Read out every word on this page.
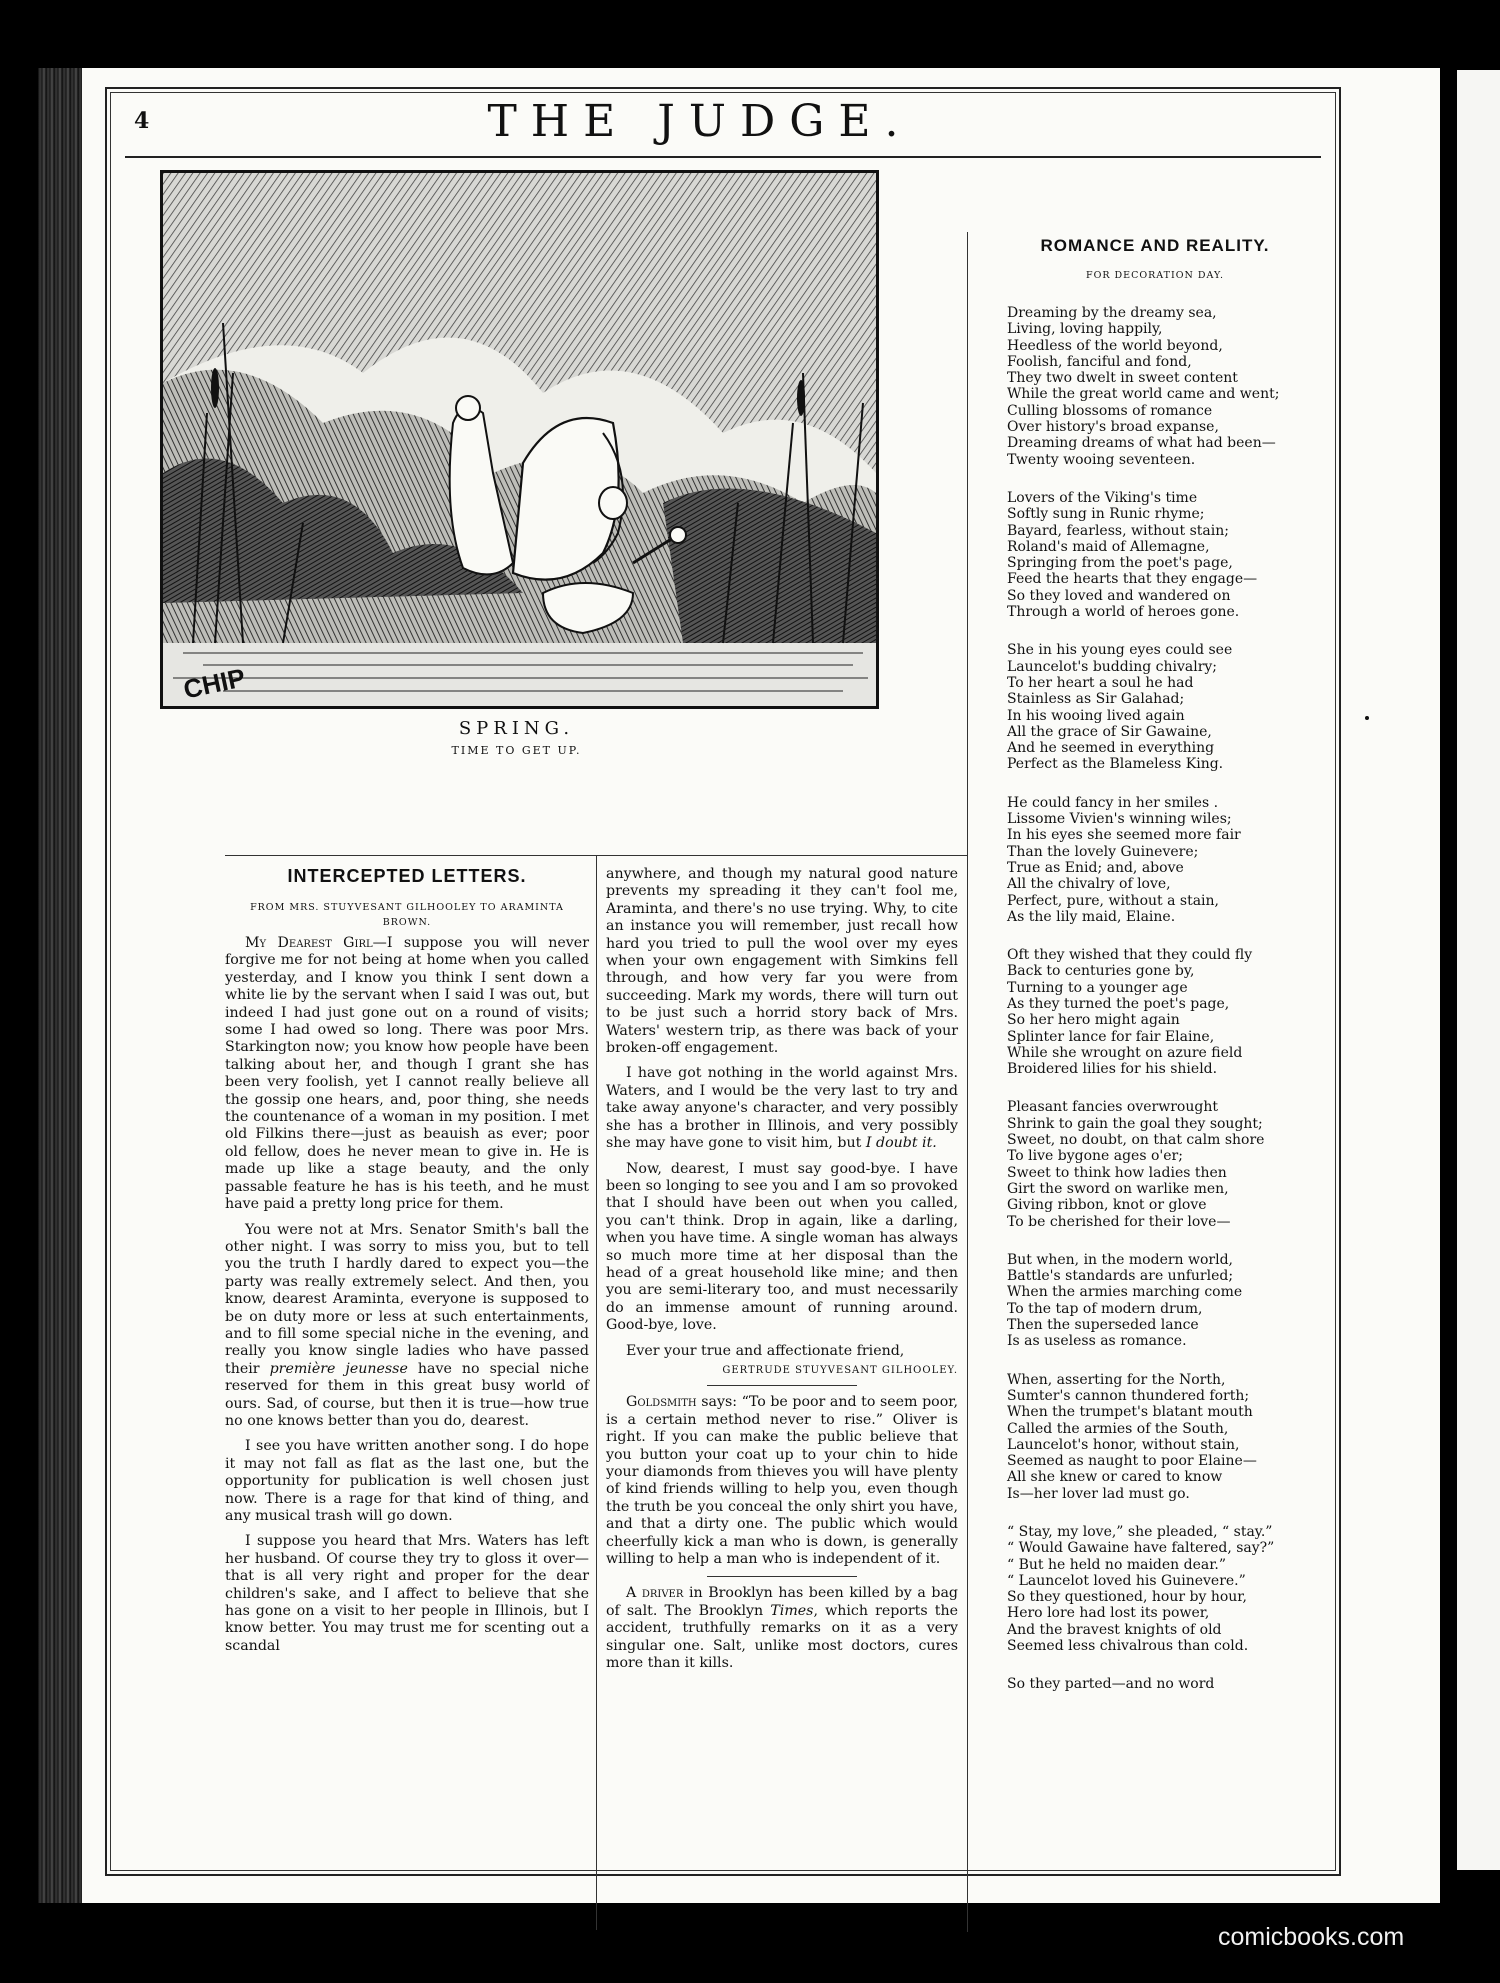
4	THE JUDGE.
CHIP
SPRING.
TIME TO GET UP.
INTERCEPTED LETTERS.
FROM MRS. STUYVESANT GILHOOLEY TO ARAMINTA BROWN.

My Dearest Girl—I suppose you will never forgive me for not being at home when you called yesterday, and I know you think I sent down a white lie by the servant when I said I was out, but indeed I had just gone out on a round of visits; some I had owed so long. There was poor Mrs. Starkington now; you know how people have been talking about her, and though I grant she has been very foolish, yet I cannot really believe all the gossip one hears, and, poor thing, she needs the countenance of a woman in my position. I met old Filkins there—just as beauish as ever; poor old fellow, does he never mean to give in. He is made up like a stage beauty, and the only passable feature he has is his teeth, and he must have paid a pretty long price for them.

You were not at Mrs. Senator Smith's ball the other night. I was sorry to miss you, but to tell you the truth I hardly dared to expect you—the party was really extremely select. And then, you know, dearest Araminta, everyone is supposed to be on duty more or less at such entertainments, and to fill some special niche in the evening, and really you know single ladies who have passed their première jeunesse have no special niche reserved for them in this great busy world of ours. Sad, of course, but then it is true—how true no one knows better than you do, dearest.

I see you have written another song. I do hope it may not fall as flat as the last one, but the opportunity for publication is well chosen just now. There is a rage for that kind of thing, and any musical trash will go down.

I suppose you heard that Mrs. Waters has left her husband. Of course they try to gloss it over—that is all very right and proper for the dear children's sake, and I affect to believe that she has gone on a visit to her people in Illinois, but I know better. You may trust me for scenting out a scandal

anywhere, and though my natural good nature prevents my spreading it they can't fool me, Araminta, and there's no use trying. Why, to cite an instance you will remember, just recall how hard you tried to pull the wool over my eyes when your own engagement with Simkins fell through, and how very far you were from succeeding. Mark my words, there will turn out to be just such a horrid story back of Mrs. Waters' western trip, as there was back of your broken-off engagement.

I have got nothing in the world against Mrs. Waters, and I would be the very last to try and take away anyone's character, and very possibly she has a brother in Illinois, and very possibly she may have gone to visit him, but I doubt it.

Now, dearest, I must say good-bye. I have been so longing to see you and I am so provoked that I should have been out when you called, you can't think. Drop in again, like a darling, when you have time. A single woman has always so much more time at her disposal than the head of a great household like mine; and then you are semi-literary too, and must necessarily do an immense amount of running around. Good-bye, love.

Ever your true and affectionate friend,

GERTRUDE STUYVESANT GILHOOLEY.

Goldsmith says: “To be poor and to seem poor, is a certain method never to rise.” Oliver is right. If you can make the public believe that you button your coat up to your chin to hide your diamonds from thieves you will have plenty of kind friends willing to help you, even though the truth be you conceal the only shirt you have, and that a dirty one. The public which would cheerfully kick a man who is down, is generally willing to help a man who is independent of it.

A driver in Brooklyn has been killed by a bag of salt. The Brooklyn Times, which reports the accident, truthfully remarks on it as a very singular one. Salt, unlike most doctors, cures more than it kills.

ROMANCE AND REALITY.
FOR DECORATION DAY.
Dreaming by the dreamy sea,
Living, loving happily,
Heedless of the world beyond,
Foolish, fanciful and fond,
They two dwelt in sweet content
While the great world came and went;
Culling blossoms of romance
Over history's broad expanse,
Dreaming dreams of what had been—
Twenty wooing seventeen.
Lovers of the Viking's time
Softly sung in Runic rhyme;
Bayard, fearless, without stain;
Roland's maid of Allemagne,
Springing from the poet's page,
Feed the hearts that they engage—
So they loved and wandered on
Through a world of heroes gone.
She in his young eyes could see
Launcelot's budding chivalry;
To her heart a soul he had
Stainless as Sir Galahad;
In his wooing lived again
All the grace of Sir Gawaine,
And he seemed in everything
Perfect as the Blameless King.
He could fancy in her smiles .
Lissome Vivien's winning wiles;
In his eyes she seemed more fair
Than the lovely Guinevere;
True as Enid; and, above
All the chivalry of love,
Perfect, pure, without a stain,
As the lily maid, Elaine.
Oft they wished that they could fly
Back to centuries gone by,
Turning to a younger age
As they turned the poet's page,
So her hero might again
Splinter lance for fair Elaine,
While she wrought on azure field
Broidered lilies for his shield.
Pleasant fancies overwrought
Shrink to gain the goal they sought;
Sweet, no doubt, on that calm shore
To live bygone ages o'er;
Sweet to think how ladies then
Girt the sword on warlike men,
Giving ribbon, knot or glove
To be cherished for their love—
But when, in the modern world,
Battle's standards are unfurled;
When the armies marching come
To the tap of modern drum,
Then the superseded lance
Is as useless as romance.
When, asserting for the North,
Sumter's cannon thundered forth;
When the trumpet's blatant mouth
Called the armies of the South,
Launcelot's honor, without stain,
Seemed as naught to poor Elaine—
All she knew or cared to know
Is—her lover lad must go.
“ Stay, my love,” she pleaded, “ stay.”
“ Would Gawaine have faltered, say?”
“ But he held no maiden dear.”
“ Launcelot loved his Guinevere.”
So they questioned, hour by hour,
Hero lore had lost its power,
And the bravest knights of old
Seemed less chivalrous than cold.
So they parted—and no word
comicbooks.com
